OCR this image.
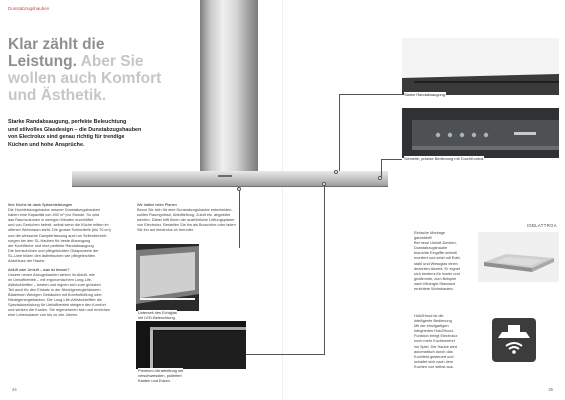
Dunstabzugshauben
Klar zählt die
Leistung. Aber Sie
wollen auch Komfort
und Ästhetik.
Starke Randabsaugung, perfekte Beleuchtung
und stilvolles Glasdesign – die Dunstabzugshauben
von Electrolux sind genau richtig für trendige
Küchen und hohe Ansprüche.
Starke Randabsaugung.
Schnelle, präzise Bedienung mit TouchKontrol.
Ihre Küche ist dank Spitzenleistungen
Die Hochleistungshaube unserer Dunstabzugshauben
haben eine Kapazität von 490 m³ pro Stunde. So wird
das Raumvolumen in wenigen Minuten durchlüftet
und von Gerüchen befreit, selbst wenn die Küche mitten im
offenen Wohnraum steht. Die grosse Schirmtiefe (bis 70 cm)
und die wirksame Dampferfassung auch an Seitenbereich
sorgen bei den SL-Hauben für beste Absaugung
der Kochfläche und eine perfekte Randabsaugung.
Die formschönen und pflegeleichten Glaspaneele der
SL-Linie bilden den ästhetischen wie pflegeleichten
Abschluss der Haube.
Abluft oder Umluft – was ist besser?
Unsere neuen Abzugshauben wirken im Abluft- wie
im Umluftbetrieb – mit ergonomischem Long-Life-
Aktivkohlefilter – besten und eignen sich zum grössten
Teil auch für den Einsatz in der Niedrigenergiehäusern.
Bäderinen Wenigen Gebäuden mit Komfortlüftung oder
Niedrigenergiebauten. Die Long-Life-Aktivkohlefilter als
Spezialausrüstung für Umluftbetrieb steigern den Komfort
und senken die Kosten. Sie regenerieren sich und erreichen
eine Lebensdauer von bis zu vier Jahren.
Wir halten beim Planen
Bevor Sie sich für eine Dunstabzugshaube entscheiden,
sollten Raumgrösse, Abluftleitung, Zuluft etc. abgeklärt
werden. Dabei hilft Ihnen der ausführliche Lüftungsplaner
von Electrolux. Bestellen Sie ihn als Broschüre oder laden
Sie ihn auf electrolux.ch herunter.
Unterseit des Echtglas
mit LED-Beleuchtung.
Premium-Verarbeitung mit
verschweissten, polierten
Kanten und Ecken.
IGBLATTROA
Einfache Montage
garantiert!!
Bei neue Umluft-Decken-
Dunstabzugshaube
brauchte Eingriffe schnell
montiert und setzt mit Edel-
stahl und Wessglas einen
dezenten Akzent. Er eignet
sich bestens für Inseln und
gedämmte, zum Beispiel
nach Minergie-Standard
errichtete Wohnbauten.
Hob2Hood ist die
intelligente Bedienung
Mit der einzigartigen
integrierten Hob2Hood-
Funktion bringt Electrolux
noch mehr Kochkomfort
ins Spiel. Die Haube wird
automatisch durch das
Kochfeld gesteuert und
schaltet sich nach dem
Kochen von selbst aus.
44	45
